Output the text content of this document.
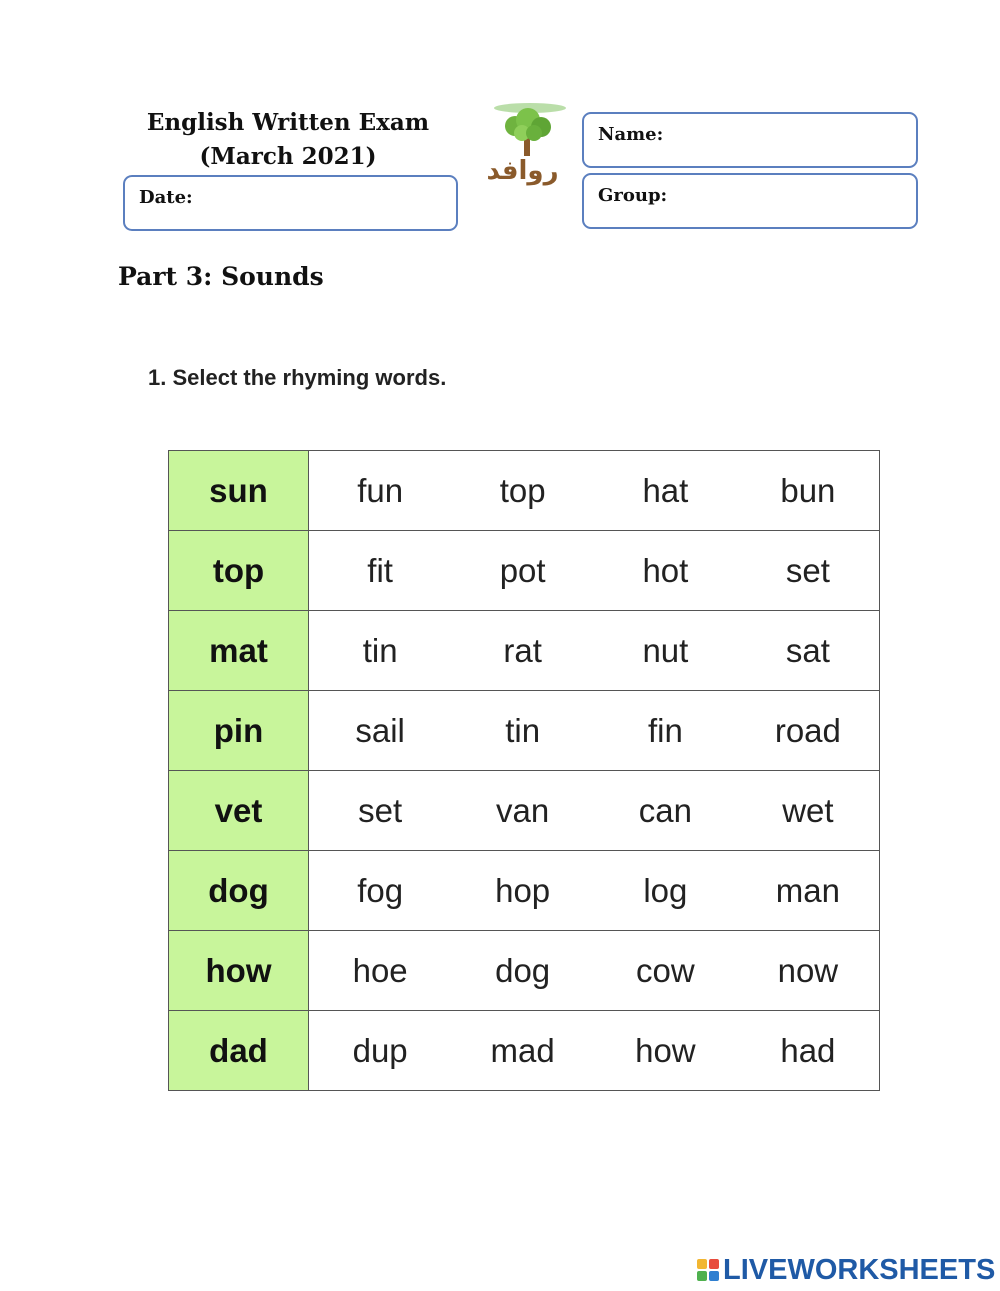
English Written Exam
(March 2021)
Date:
روافد
Name:
Group:
Part 3: Sounds
1. Select the rhyming words.
sun	fun	top	hat	bun
top	fit	pot	hot	set
mat	tin	rat	nut	sat
pin	sail	tin	fin	road
vet	set	van	can	wet
dog	fog	hop	log	man
how	hoe	dog	cow	now
dad	dup	mad	how	had
LIVEWORKSHEETS
